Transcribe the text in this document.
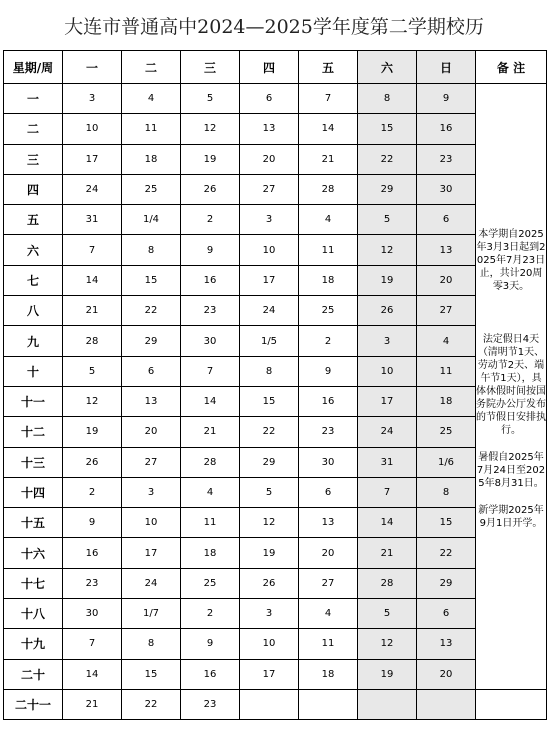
大连市普通高中2024—2025学年度第二学期校历
星期/周	一	二	三	四	五	六	日	备 注
一	3	4	5	6	7	8	9	本学期自2025年3月3日起到2025年7月23日止，共计20周零3天。

法定假日4天（清明节1天、劳动节2天、端午节1天），具体休假时间按国务院办公厅发布的节假日安排执行。

暑假自2025年7月24日至2025年8月31日。

新学期2025年9月1日开学。

二	10	11	12	13	14	15	16	
三	17	18	19	20	21	22	23	
四	24	25	26	27	28	29	30	
五	31	1/4	2	3	4	5	6	
六	7	8	9	10	11	12	13	
七	14	15	16	17	18	19	20	
八	21	22	23	24	25	26	27	
九	28	29	30	1/5	2	3	4	
十	5	6	7	8	9	10	11	
十一	12	13	14	15	16	17	18	
十二	19	20	21	22	23	24	25	
十三	26	27	28	29	30	31	1/6	
十四	2	3	4	5	6	7	8	
十五	9	10	11	12	13	14	15	
十六	16	17	18	19	20	21	22	
十七	23	24	25	26	27	28	29	
十八	30	1/7	2	3	4	5	6	
十九	7	8	9	10	11	12	13	
二十	14	15	16	17	18	19	20	
二十一	21	22	23					
